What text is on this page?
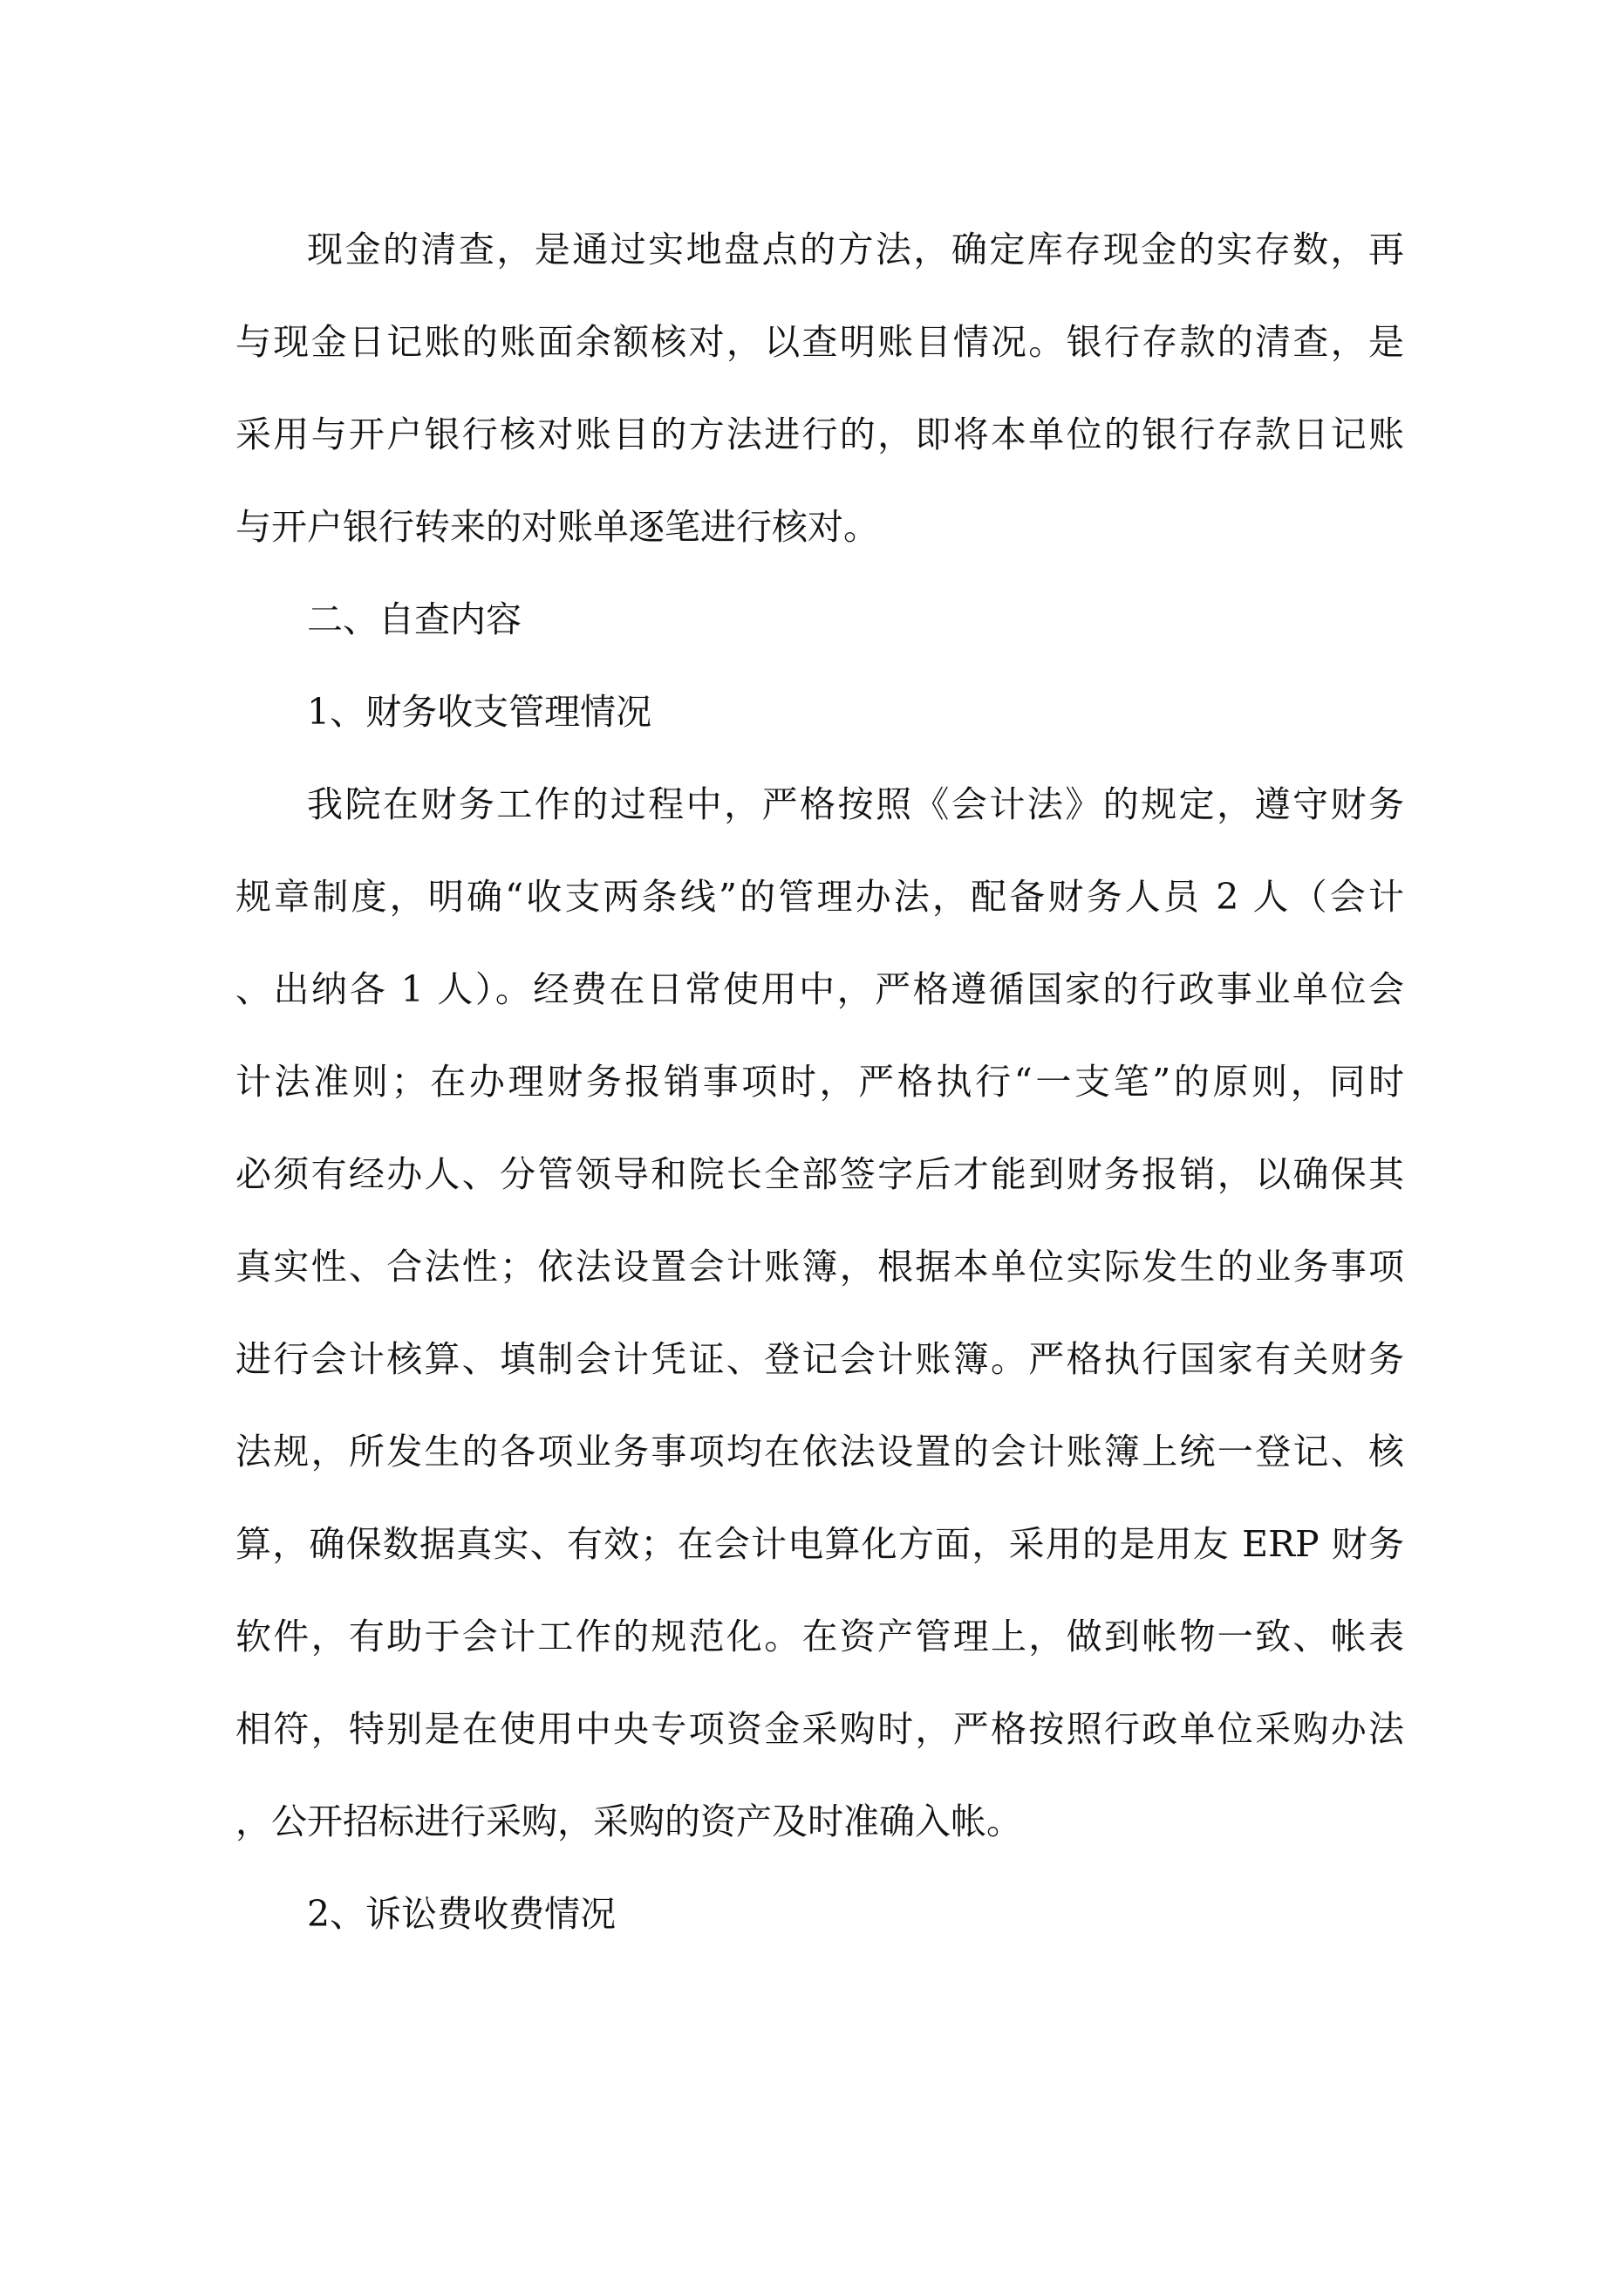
现金的清查，是通过实地盘点的方法，确定库存现金的实存数，再
与现金日记账的账面余额核对，以查明账目情况。银行存款的清查，是
采用与开户银行核对账目的方法进行的，即将本单位的银行存款日记账
与开户银行转来的对账单逐笔进行核对。
二、自查内容
1、财务收支管理情况
我院在财务工作的过程中，严格按照《会计法》的规定，遵守财务
规章制度，明确“收支两条线”的管理办法，配备财务人员 2 人（会计
、出纳各 1 人）。经费在日常使用中，严格遵循国家的行政事业单位会
计法准则；在办理财务报销事项时，严格执行“一支笔”的原则，同时
必须有经办人、分管领导和院长全部签字后才能到财务报销，以确保其
真实性、合法性；依法设置会计账簿，根据本单位实际发生的业务事项
进行会计核算、填制会计凭证、登记会计账簿。严格执行国家有关财务
法规，所发生的各项业务事项均在依法设置的会计账簿上统一登记、核
算，确保数据真实、有效；在会计电算化方面，采用的是用友 ERP 财务
软件，有助于会计工作的规范化。在资产管理上，做到帐物一致、帐表
相符，特别是在使用中央专项资金采购时，严格按照行政单位采购办法
，公开招标进行采购，采购的资产及时准确入帐。
2、诉讼费收费情况
